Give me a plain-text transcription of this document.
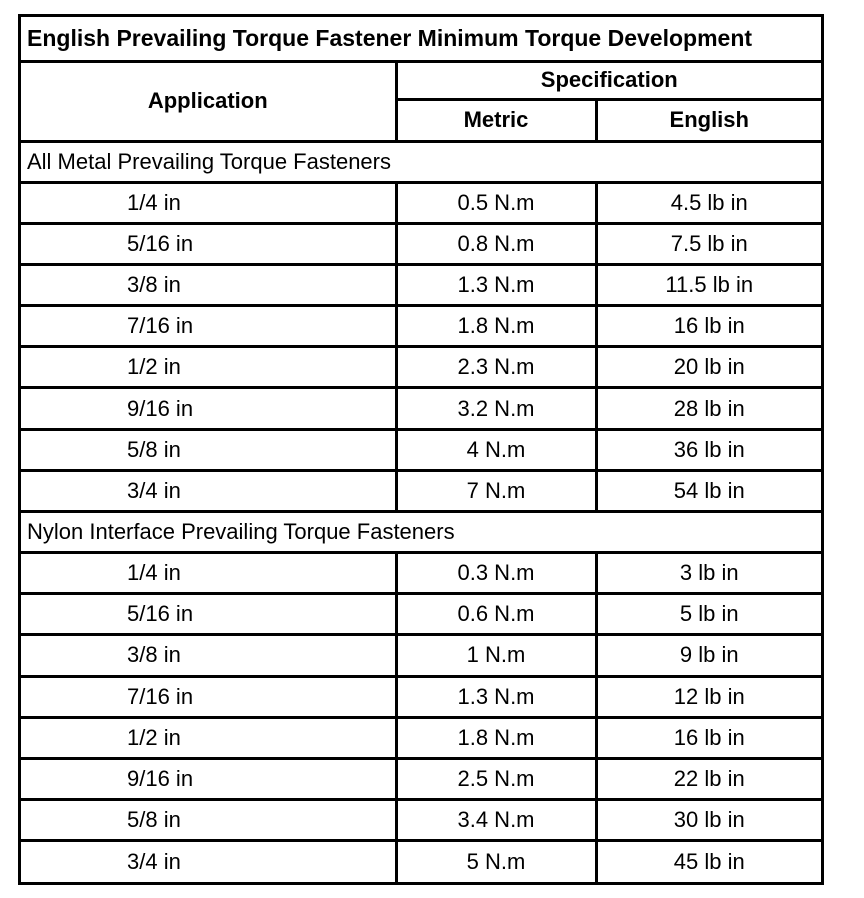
English Prevailing Torque Fastener Minimum Torque Development		
Application	Specification	
	Metric	English
All Metal Prevailing Torque Fasteners		
1/4 in	0.5 N.m	4.5 lb in
5/16 in	0.8 N.m	7.5 lb in
3/8 in	1.3 N.m	11.5 lb in
7/16 in	1.8 N.m	16 lb in
1/2 in	2.3 N.m	20 lb in
9/16 in	3.2 N.m	28 lb in
5/8 in	4 N.m	36 lb in
3/4 in	7 N.m	54 lb in
Nylon Interface Prevailing Torque Fasteners		
1/4 in	0.3 N.m	3 lb in
5/16 in	0.6 N.m	5 lb in
3/8 in	1 N.m	9 lb in
7/16 in	1.3 N.m	12 lb in
1/2 in	1.8 N.m	16 lb in
9/16 in	2.5 N.m	22 lb in
5/8 in	3.4 N.m	30 lb in
3/4 in	5 N.m	45 lb in
